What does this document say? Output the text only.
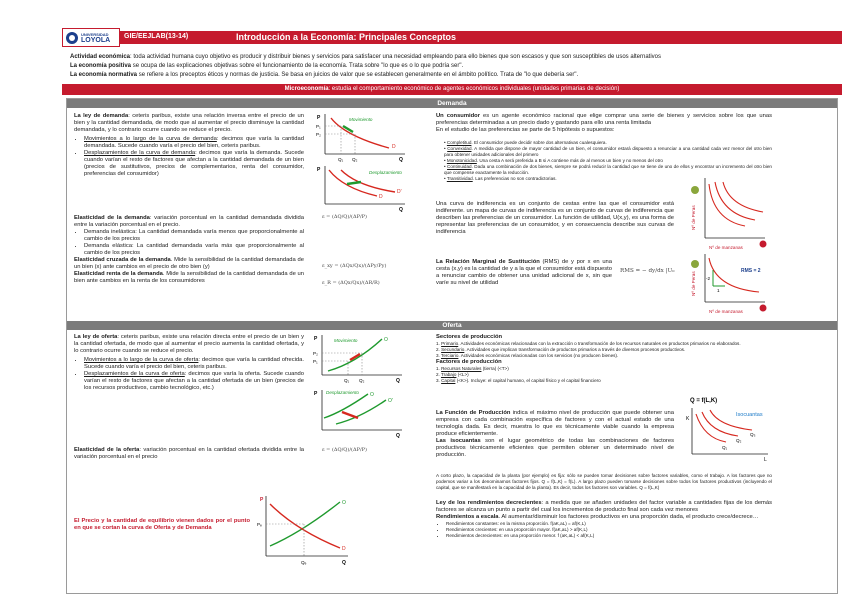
UNIVERSIDAD
LOYOLA GIE/EEJLAB(13-14)	Introducción a la Economía: Principales Conceptos
Actividad económica: toda actividad humana cuyo objetivo es producir y distribuir bienes y servicios para satisfacer una necesidad empleando para ello bienes que son escasos y que son susceptibles de usos alternativos
La economía positiva se ocupa de las explicaciones objetivas sobre el funcionamiento de la economía. Trata sobre "lo que es o lo que podría ser".
La economía normativa se refiere a los preceptos éticos y normas de justicia. Se basa en juicios de valor que se establecen generalmente en el ámbito político. Trata de "lo que debería ser".
Microeconomía: estudia el comportamiento económico de agentes económicos individuales (unidades primarias de decisión)
Demanda
La ley de demanda: ceteris paribus, existe una relación inversa entre el precio de un bien y la cantidad demandada, de modo que al aumentar el precio disminuye la cantidad demandada, y lo contrario ocurre cuando se reduce el precio.
• Movimientos a lo largo de la curva de demanda: decimos que varía la cantidad demandada. Sucede cuando varía el precio del bien, ceteris paribus.
• Desplazamientos de la curva de demanda: decimos que varía la demanda. Sucede cuando varían el resto de factores que afectan a la cantidad demandada de un bien (precios de sustitutivos, precios de complementarios, renta del consumidor, preferencias del consumidor)
Elasticidad de la demanda: variación porcentual en la cantidad demandada dividida entre la variación porcentual en el precio.
• Demanda inelástica: La cantidad demandada varía menos que proporcionalmente al cambio de los precios
• Demanda elástica: La cantidad demandada varía más que proporcionalmente al cambio de los precios
Elasticidad cruzada de la demanda. Mide la sensibilidad de la cantidad demandada de un bien (x) ante cambios en el precio de otro bien (y)
Elasticidad renta de la demanda. Mide la sensibilidad de la cantidad demandada de un bien ante cambios en la renta de los consumidores
P
P₁
P₂
Q₁ Q₂	Q
D
Movimiento
P
Q
D
D'
Desplazamiento
ε = (ΔQ/Q)/(ΔP/P)
ε_xy = (ΔQx/Qx)/(ΔPy/Py)
ε_R = (ΔQx/Qx)/(ΔR/R)
Un consumidor es un agente económico racional que elige comprar una serie de bienes y servicios sobre los que unas preferencias determinadas a un precio dado y gastando para ello una renta limitada
En el estudio de las preferencias se parte de 5 hipótesis o supuestos:
• Completitud. El consumidor puede decidir sobre dos alternativas cualesquiera.
• Convexidad. A medida que dispone de mayor cantidad de un bien, el consumidor estará dispuesto a renunciar a una cantidad cada vez menor del otro bien para obtener unidades adicionales del primero
• Monotonicidad. Una cesta A será preferida a B si A contiene más de al menos un bien y no menos del otro
• Continuidad. Dada una combinación de dos bienes, siempre se podrá reducir la cantidad que se tiene de uno de ellos y encontrar un incremento del otro bien que compense exactamente la reducción.
• Transitividad. Las preferencias no son contradictorias.
Una curva de indiferencia es un conjunto de cestas entre las que el consumidor está indiferente. un mapa de curvas de indiferencia es un conjunto de curvas de indiferencia que describen las preferencias de un consumidor. La función de utilidad, U(x,y), es una forma de representar las preferencias de un consumidor, y en consecuencia describe sus curvas de indiferencia
La Relación Marginal de Sustitución (RMS) de y por x en una cesta (x,y) es la cantidad de y a la que el consumidor está dispuesto a renunciar cambio de obtener una unidad adicional de x, sin que varíe su nivel de utilidad
RMS = − dy/dx |U₀
Nº de Peras
Nº de manzanas
Nº de Peras
Nº de manzanas
RMS = 2
-2
1
Oferta
La ley de oferta: ceteris paribus, existe una relación directa entre el precio de un bien y la cantidad ofertada, de modo que al aumentar el precio aumenta la cantidad ofertada, y lo contrario ocurre cuando se reduce el precio.
• Movimientos a lo largo de la curva de oferta: decimos que varía la cantidad ofrecida. Sucede cuando varía el precio del bien, ceteris paribus.
• Desplazamientos de la curva de oferta: decimos que varía la oferta. Sucede cuando varían el resto de factores que afectan a la cantidad ofertada de un bien (precios de los recursos productivos, cambio tecnológico, etc.)
Elasticidad de la oferta: variación porcentual en la cantidad ofertada dividida entre la variación porcentual en el precio
El Precio y la cantidad de equilibrio vienen dados por el punto en que se cortan la curva de Oferta y de Demanda
P
Q
O
Movimiento
P₁
P₂
Q₁ Q₂
P
Q
O
O'
Desplazamiento
ε = (ΔQ/Q)/(ΔP/P)
P
Q
Pₑ
Qₑ
O
D
Sectores de producción
1. Primario. Actividades económicas relacionadas con la extracción o transformación de los recursos naturales en productos primarios no elaborados.
2. Secundario. Actividades que implican transformación de productos primarios a través de diversos procesos productivos.
3. Terciario. Actividades económicas relacionadas con los servicios (no producen bienes).
Factores de producción
1. Recursos Naturales (tierra) (<T>)
2. Trabajo (<L>)
3. Capital (<K>). Incluye: el capital humano, el capital físico y el capital financiero
La Función de Producción indica el máximo nivel de producción que puede obtener una empresa con cada combinación específica de factores y con el actual estado de una tecnología dada. Es decir, muestra lo que es técnicamente viable cuando la empresa produce eficientemente.
Las isocuantas son el lugar geométrico de todas las combinaciones de factores productivos técnicamente eficientes que permiten obtener un determinado nivel de producción.
A corto plazo, la capacidad de la planta (por ejemplo) es fija: sólo se pueden tomar decisiones sobre factores variables, como el trabajo. A los factores que no podemos variar a los denominamos factores fijos. Q = f(L,K) = f(L). A largo plazo pueden tomarse decisiones sobre todos los factores productivos (incluyendo el capital, que se manifestará en la capacidad de la planta). Es decir, todos los factores son variables. Q = f(L,K)
Ley de los rendimientos decrecientes: a medida que se añaden unidades del factor variable a cantidades fijas de los demás factores se alcanza un punto a partir del cual los incrementos de producto final son cada vez menores
Rendimientos a escala. Al aumentar/disminuir los factores productivos en una proporción dada, el producto crece/decrece…
• Rendimientos constantes: en la misma proporción. f(aK,aL) = af(K,L)
• Rendimientos crecientes: en una proporción mayor. f(aK,aL) > af(K,L)
• Rendimientos decrecientes: en una proporción menor. f (aK,aL) < af(K,L)
Q = f(L,K)
Isocuantas
K
L
Q₁
Q₂
Q₃
